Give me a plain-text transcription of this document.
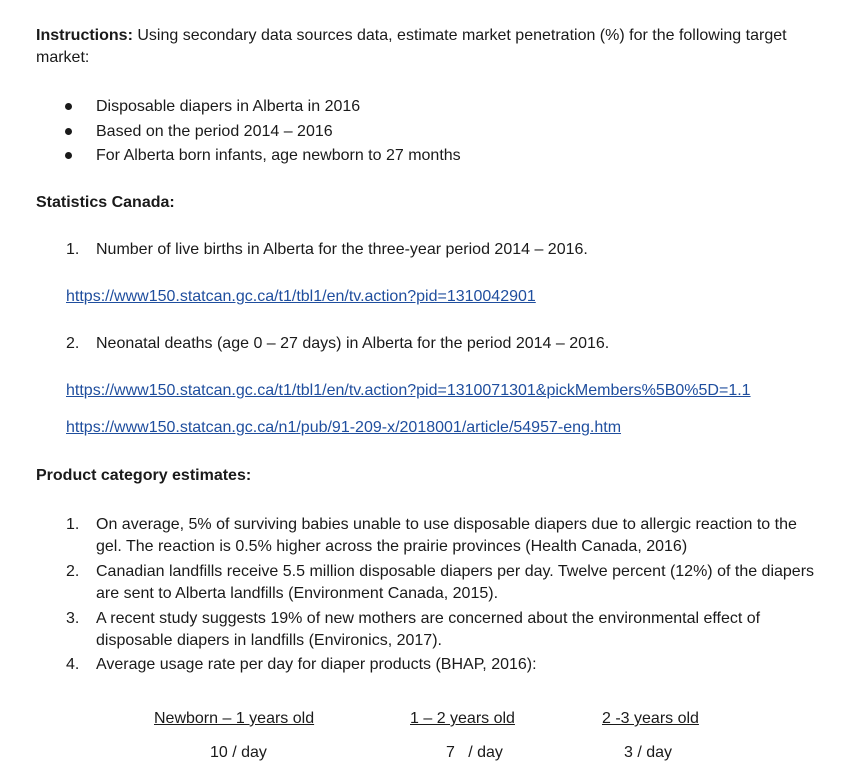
Instructions: Using secondary data sources data, estimate market penetration (%) for the following target market:
Disposable diapers in Alberta in 2016
Based on the period 2014 – 2016
For Alberta born infants, age newborn to 27 months
Statistics Canada:
1. Number of live births in Alberta for the three-year period 2014 – 2016.
https://www150.statcan.gc.ca/t1/tbl1/en/tv.action?pid=1310042901
2. Neonatal deaths (age 0 – 27 days) in Alberta for the period 2014 – 2016.
https://www150.statcan.gc.ca/t1/tbl1/en/tv.action?pid=1310071301&pickMembers%5B0%5D=1.1
https://www150.statcan.gc.ca/n1/pub/91-209-x/2018001/article/54957-eng.htm
Product category estimates:
1. On average, 5% of surviving babies unable to use disposable diapers due to allergic reaction to the gel. The reaction is 0.5% higher across the prairie provinces (Health Canada, 2016)
2. Canadian landfills receive 5.5 million disposable diapers per day. Twelve percent (12%) of the diapers are sent to Alberta landfills (Environment Canada, 2015).
3. A recent study suggests 19% of new mothers are concerned about the environmental effect of disposable diapers in landfills (Environics, 2017).
4. Average usage rate per day for diaper products (BHAP, 2016):
Newborn – 1 years old	1 – 2 years old	2 -3 years old
10 / day	7   / day	3 / day
